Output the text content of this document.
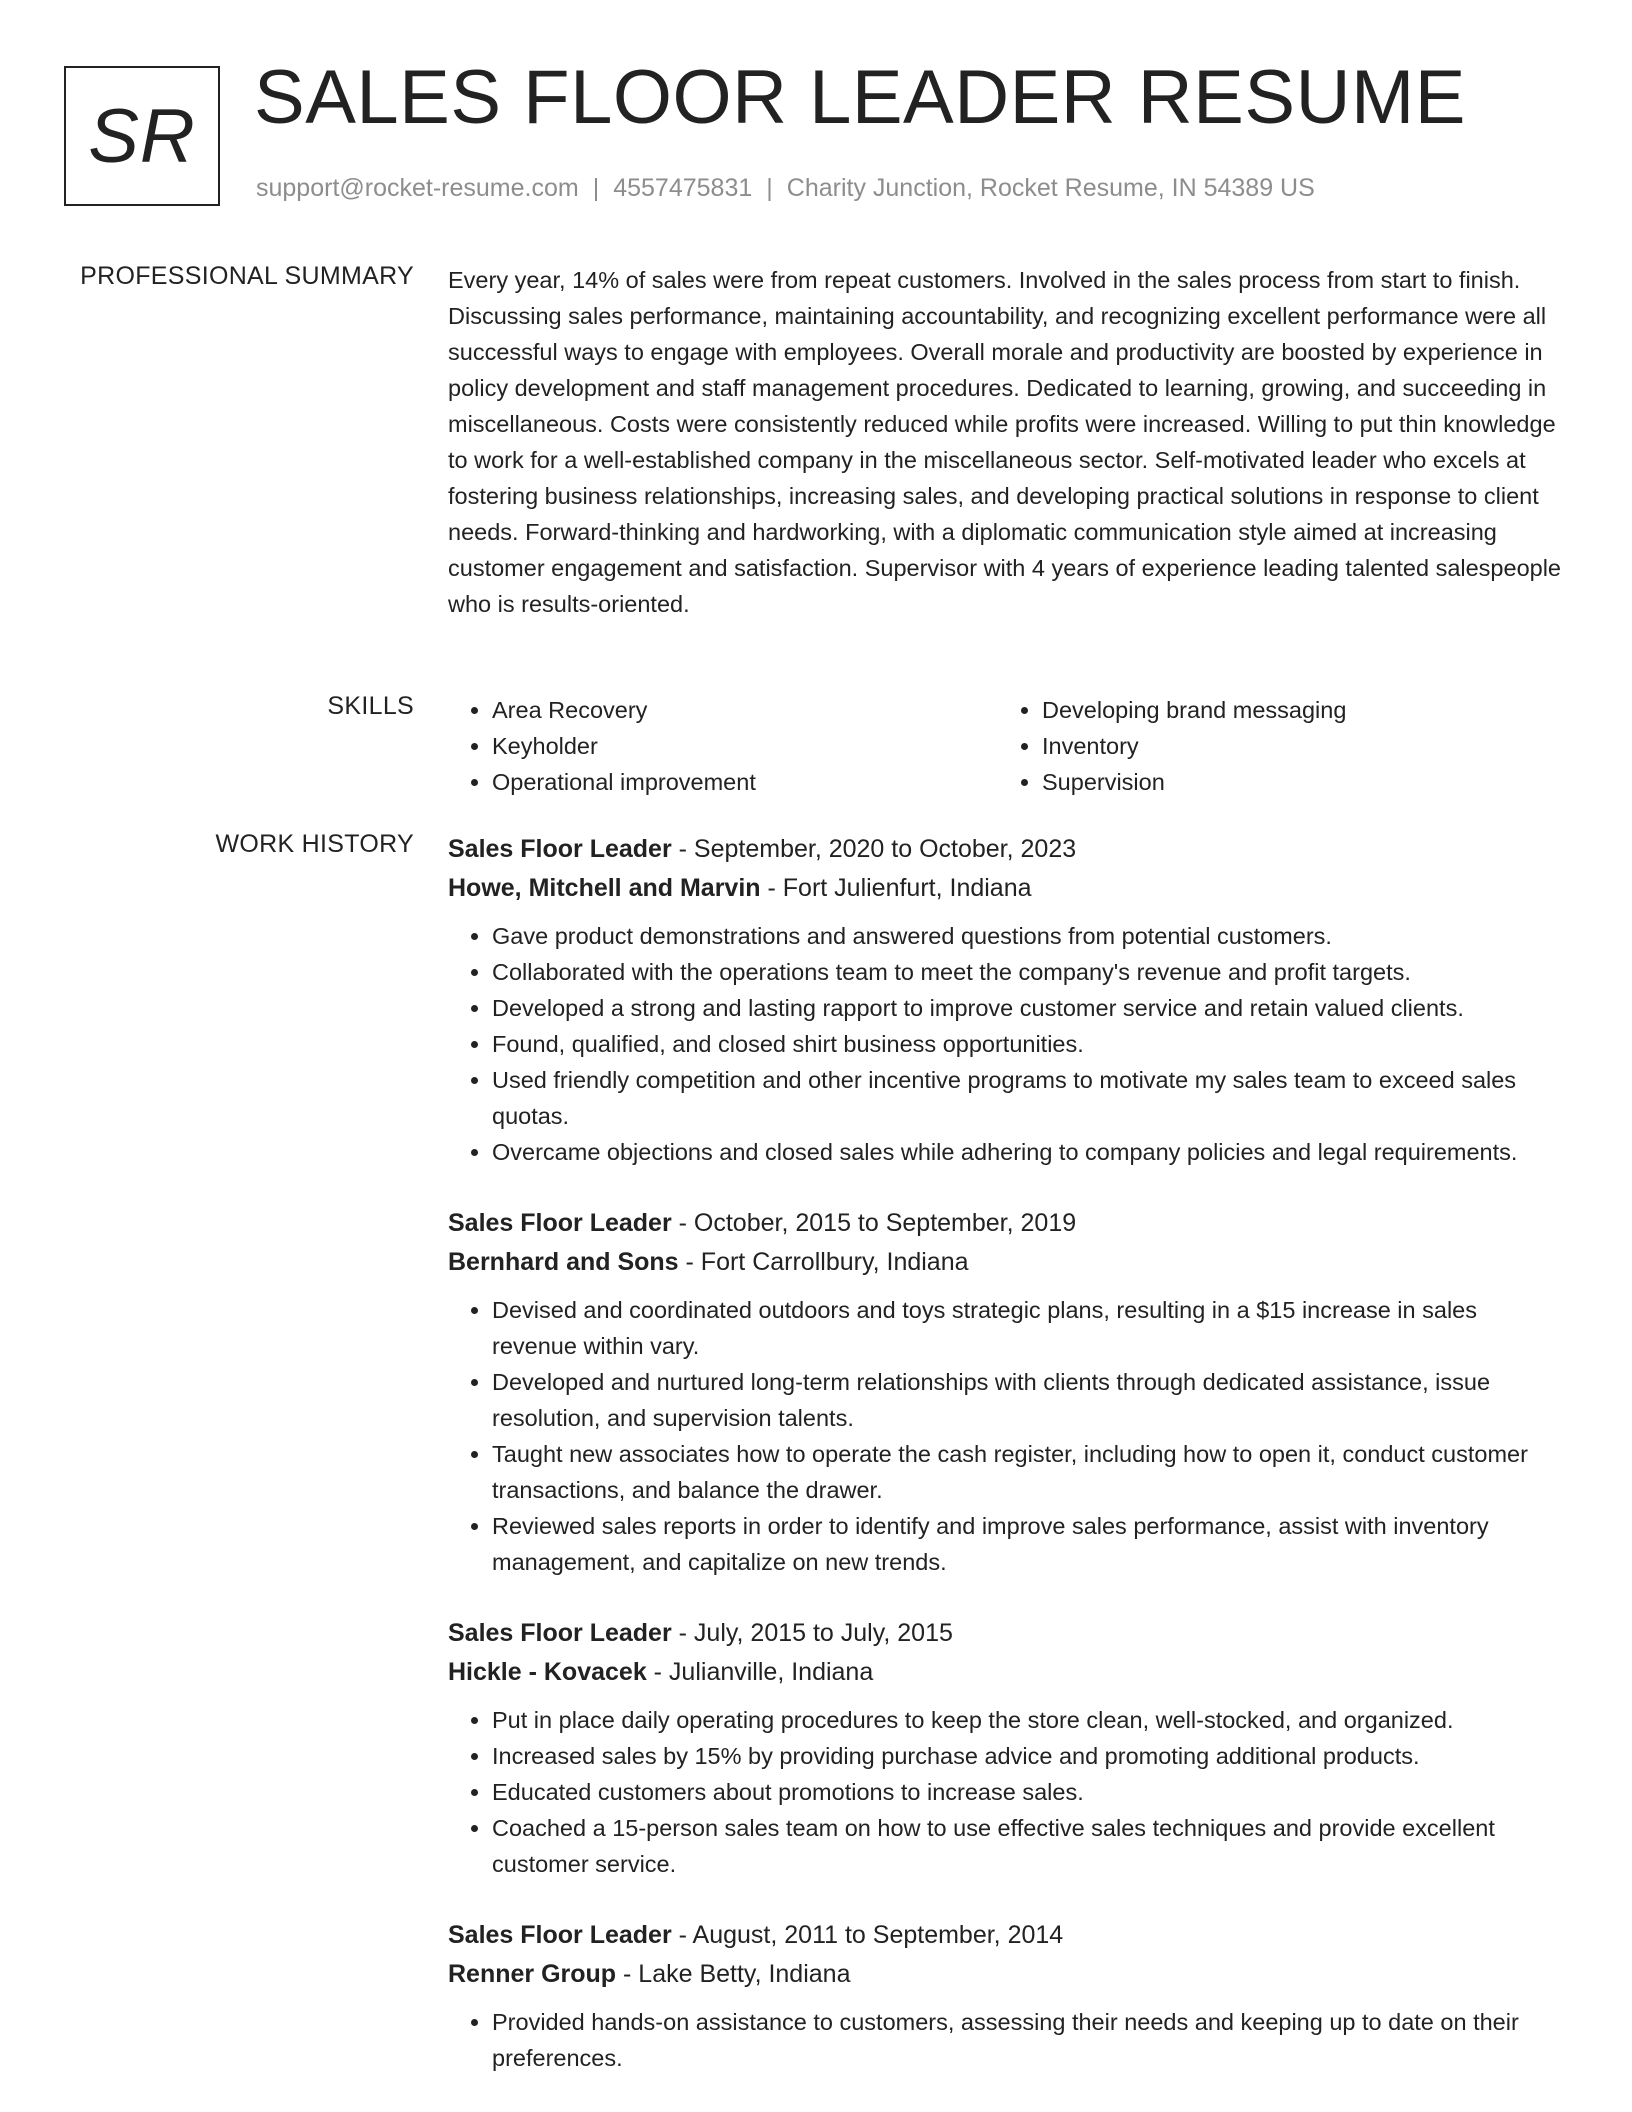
SR SALES FLOOR LEADER RESUME
support@rocket-resume.com | 4557475831 | Charity Junction, Rocket Resume, IN 54389 US
PROFESSIONAL SUMMARY Every year, 14% of sales were from repeat customers. Involved in the sales process from start to finish. Discussing sales performance, maintaining accountability, and recognizing excellent performance were all successful ways to engage with employees. Overall morale and productivity are boosted by experience in policy development and staff management procedures. Dedicated to learning, growing, and succeeding in miscellaneous. Costs were consistently reduced while profits were increased. Willing to put thin knowledge to work for a well-established company in the miscellaneous sector. Self-motivated leader who excels at fostering business relationships, increasing sales, and developing practical solutions in response to client needs. Forward-thinking and hardworking, with a diplomatic communication style aimed at increasing customer engagement and satisfaction. Supervisor with 4 years of experience leading talented salespeople who is results-oriented.

SKILLS
•	Area Recovery
• Keyholder
• Operational improvement
• Developing brand messaging
• Inventory
• Supervision
WORK HISTORY Sales Floor Leader - September, 2020 to October, 2023
Howe, Mitchell and Marvin - Fort Julienfurt, Indiana
• Gave product demonstrations and answered questions from potential customers.
• Collaborated with the operations team to meet the company's revenue and profit targets.
• Developed a strong and lasting rapport to improve customer service and retain valued clients.
• Found, qualified, and closed shirt business opportunities.
• Used friendly competition and other incentive programs to motivate my sales team to exceed sales quotas.
• Overcame objections and closed sales while adhering to company policies and legal requirements.
Sales Floor Leader - October, 2015 to September, 2019
Bernhard and Sons - Fort Carrollbury, Indiana
• Devised and coordinated outdoors and toys strategic plans, resulting in a $15 increase in sales revenue within vary.
• Developed and nurtured long-term relationships with clients through dedicated assistance, issue resolution, and supervision talents.
• Taught new associates how to operate the cash register, including how to open it, conduct customer transactions, and balance the drawer.
• Reviewed sales reports in order to identify and improve sales performance, assist with inventory management, and capitalize on new trends.
Sales Floor Leader - July, 2015 to July, 2015
Hickle - Kovacek - Julianville, Indiana
• Put in place daily operating procedures to keep the store clean, well-stocked, and organized.
• Increased sales by 15% by providing purchase advice and promoting additional products.
• Educated customers about promotions to increase sales.
• Coached a 15-person sales team on how to use effective sales techniques and provide excellent customer service.
Sales Floor Leader - August, 2011 to September, 2014
Renner Group - Lake Betty, Indiana
• Provided hands-on assistance to customers, assessing their needs and keeping up to date on their preferences.
